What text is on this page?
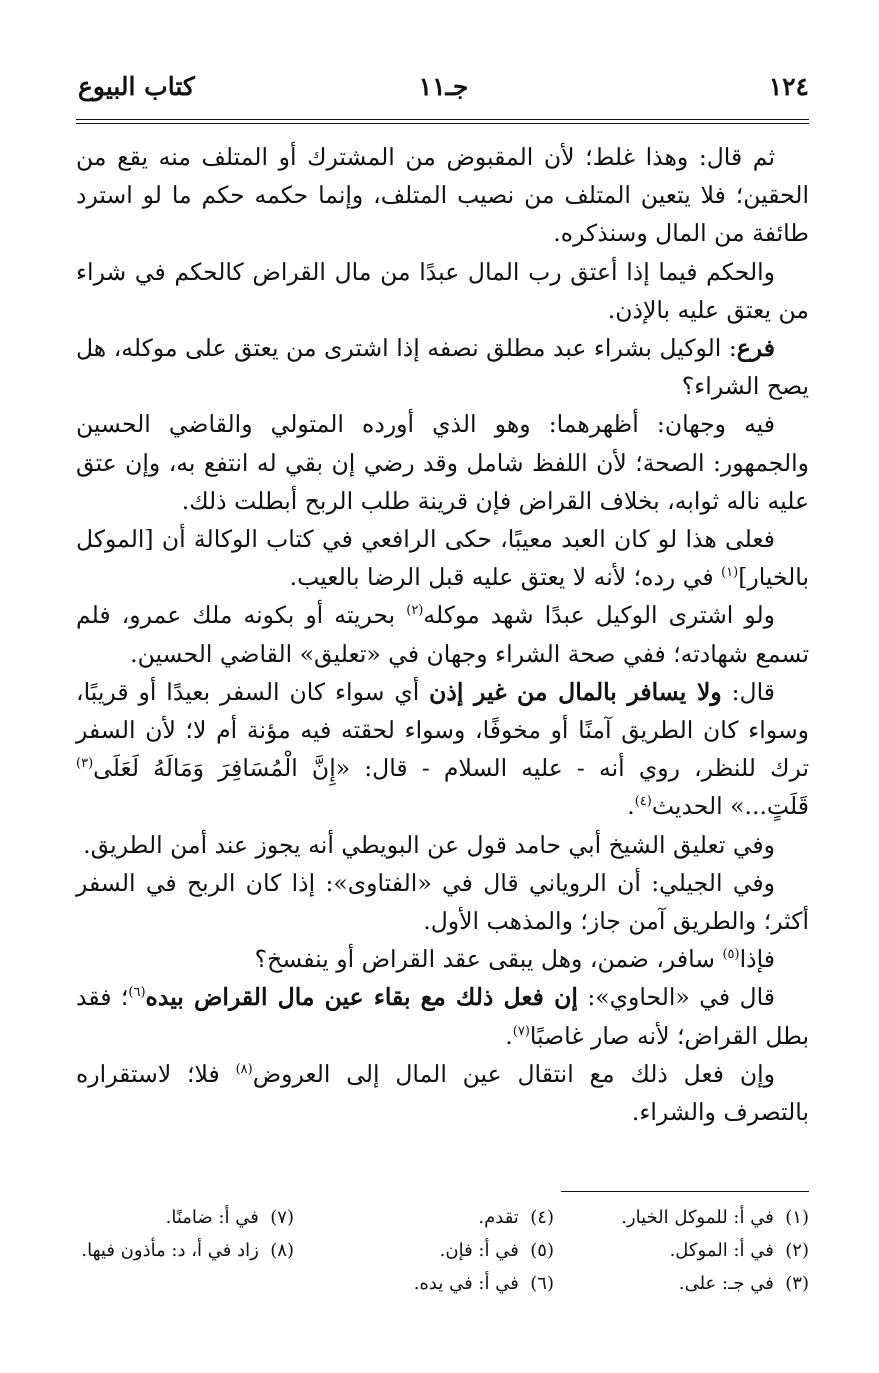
١٢٤
جـ١١
كتاب البيوع

ثم قال: وهذا غلط؛ لأن المقبوض من المشترك أو المتلف منه يقع من الحقين؛ فلا يتعين المتلف من نصيب المتلف، وإنما حكمه حكم ما لو استرد طائفة من المال وسنذكره.

والحكم فيما إذا أعتق رب المال عبدًا من مال القراض كالحكم في شراء من يعتق عليه بالإذن.

فرع: الوكيل بشراء عبد مطلق نصفه إذا اشترى من يعتق على موكله، هل يصح الشراء؟

فيه وجهان: أظهرهما: وهو الذي أورده المتولي والقاضي الحسين والجمهور: الصحة؛ لأن اللفظ شامل وقد رضي إن بقي له انتفع به، وإن عتق عليه ناله ثوابه، بخلاف القراض فإن قرينة طلب الربح أبطلت ذلك.

فعلى هذا لو كان العبد معيبًا، حكى الرافعي في كتاب الوكالة أن [الموكل بالخيار]$^{(١)}$ في رده؛ لأنه لا يعتق عليه قبل الرضا بالعيب.

ولو اشترى الوكيل عبدًا شهد موكله$^{(٢)}$ بحريته أو بكونه ملك عمرو، فلم تسمع شهادته؛ ففي صحة الشراء وجهان في «تعليق» القاضي الحسين.

قال: ولا يسافر بالمال من غير إذن أي سواء كان السفر بعيدًا أو قريبًا، وسواء كان الطريق آمنًا أو مخوفًا، وسواء لحقته فيه مؤنة أم لا؛ لأن السفر ترك للنظر، روي أنه - عليه السلام - قال: «إِنَّ الْمُسَافِرَ وَمَالَهُ لَعَلَى$^{(٣)}$ قَلَتٍ...» الحديث$^{(٤)}$.

وفي تعليق الشيخ أبي حامد قول عن البويطي أنه يجوز عند أمن الطريق.

وفي الجيلي: أن الروياني قال في «الفتاوى»: إذا كان الربح في السفر أكثر؛ والطريق آمن جاز؛ والمذهب الأول.

فإذا$^{(٥)}$ سافر، ضمن، وهل يبقى عقد القراض أو ينفسخ؟

قال في «الحاوي»: إن فعل ذلك مع بقاء عين مال القراض بيده$^{(٦)}$؛ فقد بطل القراض؛ لأنه صار غاصبًا$^{(٧)}$.

وإن فعل ذلك مع انتقال عين المال إلى العروض$^{(٨)}$ فلا؛ لاستقراره بالتصرف والشراء.

(١)  في أ: للموكل الخيار.
(٢)  في أ: الموكل.
(٣)  في جـ: على.
(٤)  تقدم.
(٥)  في أ: فإن.
(٦)  في أ: في يده.
(٧)  في أ: ضامنًا.
(٨)  زاد في أ، د: مأذون فيها.
